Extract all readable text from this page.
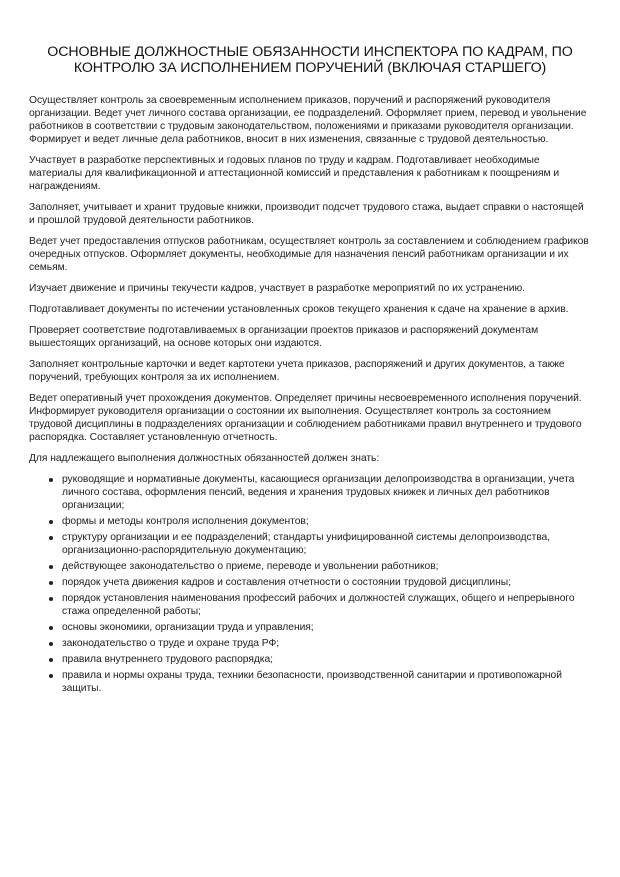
ОСНОВНЫЕ ДОЛЖНОСТНЫЕ ОБЯЗАННОСТИ ИНСПЕКТОРА ПО КАДРАМ, ПО КОНТРОЛЮ ЗА ИСПОЛНЕНИЕМ ПОРУЧЕНИЙ (ВКЛЮЧАЯ СТАРШЕГО)

Осуществляет контроль за своевременным исполнением приказов, поручений и распоряжений руководителя организации. Ведет учет личного состава организации, ее подразделений. Оформляет прием, перевод и увольнение работников в соответствии с трудовым законодательством, положениями и приказами руководителя организации. Формирует и ведет личные дела работников, вносит в них изменения, связанные с трудовой деятельностью.

Участвует в разработке перспективных и годовых планов по труду и кадрам. Подготавливает необходимые материалы для квалификационной и аттестационной комиссий и представления к работникам к поощрениям и награждениям.

Заполняет, учитывает и хранит трудовые книжки, производит подсчет трудового стажа, выдает справки о настоящей и прошлой трудовой деятельности работников.

Ведет учет предоставления отпусков работникам, осуществляет контроль за составлением и соблюдением графиков очередных отпусков. Оформляет документы, необходимые для назначения пенсий работникам организации и их семьям.

Изучает движение и причины текучести кадров, участвует в разработке мероприятий по их устранению.

Подготавливает документы по истечении установленных сроков текущего хранения к сдаче на хранение в архив.

Проверяет соответствие подготавливаемых в организации проектов приказов и распоряжений документам вышестоящих организаций, на основе которых они издаются.

Заполняет контрольные карточки и ведет картотеки учета приказов, распоряжений и других документов, а также поручений, требующих контроля за их исполнением.

Ведет оперативный учет прохождения документов. Определяет причины несвоевременного исполнения поручений. Информирует руководителя организации о состоянии их выполнения. Осуществляет контроль за состоянием трудовой дисциплины в подразделениях организации и соблюдением работниками правил внутреннего и трудового распорядка. Составляет установленную отчетность.

Для надлежащего выполнения должностных обязанностей должен знать:

руководящие и нормативные документы, касающиеся организации делопроизводства в организации, учета личного состава, оформления пенсий, ведения и хранения трудовых книжек и личных дел работников организации;
формы и методы контроля исполнения документов;
структуру организации и ее подразделений; стандарты унифицированной системы делопроизводства, организационно-распорядительную документацию;
действующее законодательство о приеме, переводе и увольнении работников;
порядок учета движения кадров и составления отчетности о состоянии трудовой дисциплины;
порядок установления наименования профессий рабочих и должностей служащих, общего и непрерывного стажа определенной работы;
основы экономики, организации труда и управления;
законодательство о труде и охране труда РФ;
правила внутреннего трудового распорядка;
правила и нормы охраны труда, техники безопасности, производственной санитарии и противопожарной защиты.
